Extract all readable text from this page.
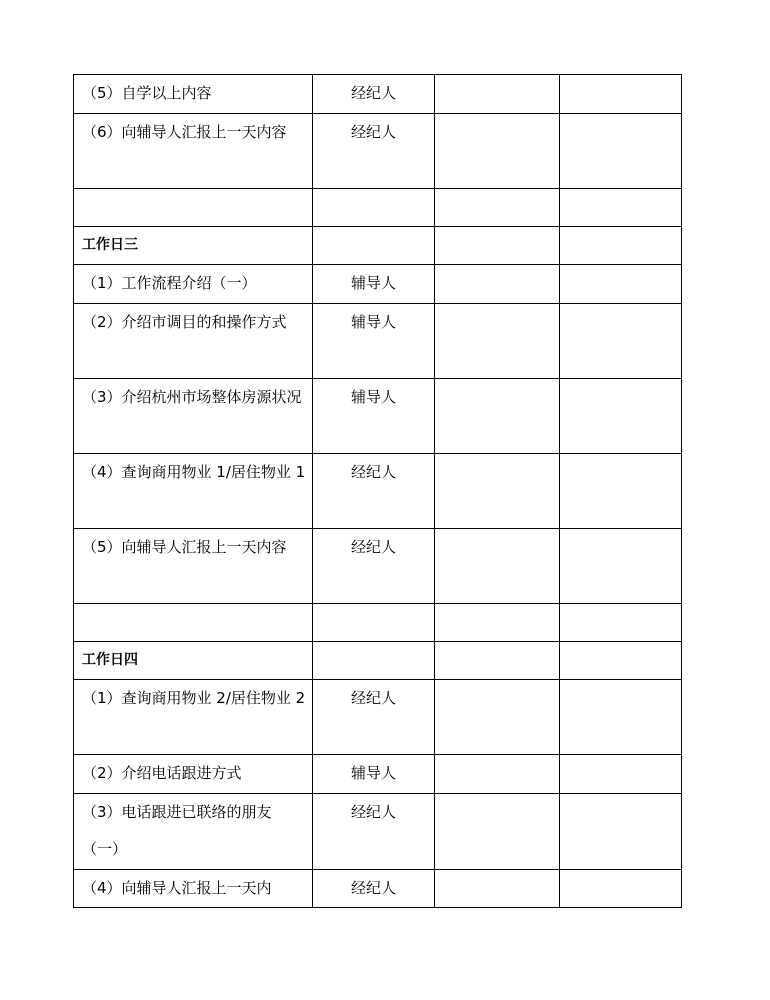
（5）自学以上内容	经纪人		
（6）向辅导人汇报上一天内容	经纪人		

工作日三			
（1）工作流程介绍（一）	辅导人		
（2）介绍市调目的和操作方式	辅导人		
（3）介绍杭州市场整体房源状况	辅导人		
（4）查询商用物业 1/居住物业 1	经纪人		
（5）向辅导人汇报上一天内容	经纪人		

工作日四			
（1）查询商用物业 2/居住物业 2	经纪人		
（2）介绍电话跟进方式	辅导人		
（3）电话跟进已联络的朋友（一）	经纪人		
（4）向辅导人汇报上一天内	经纪人		
